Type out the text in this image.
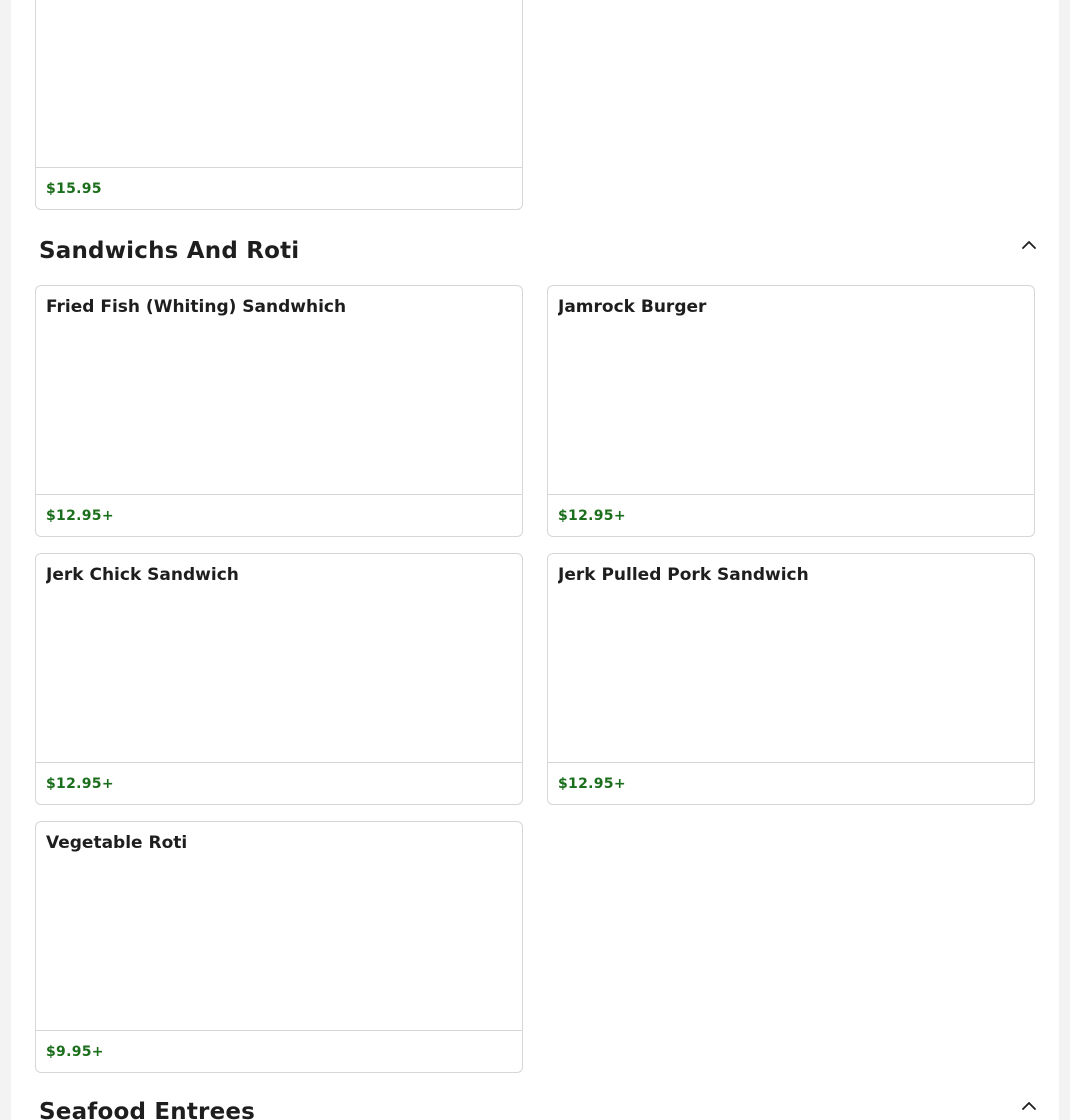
$15.95
Sandwichs And Roti
Fried Fish (Whiting) Sandwhich
$12.95+
Jamrock Burger
$12.95+
Jerk Chick Sandwich
$12.95+
Jerk Pulled Pork Sandwich
$12.95+
Vegetable Roti
$9.95+
Seafood Entrees
